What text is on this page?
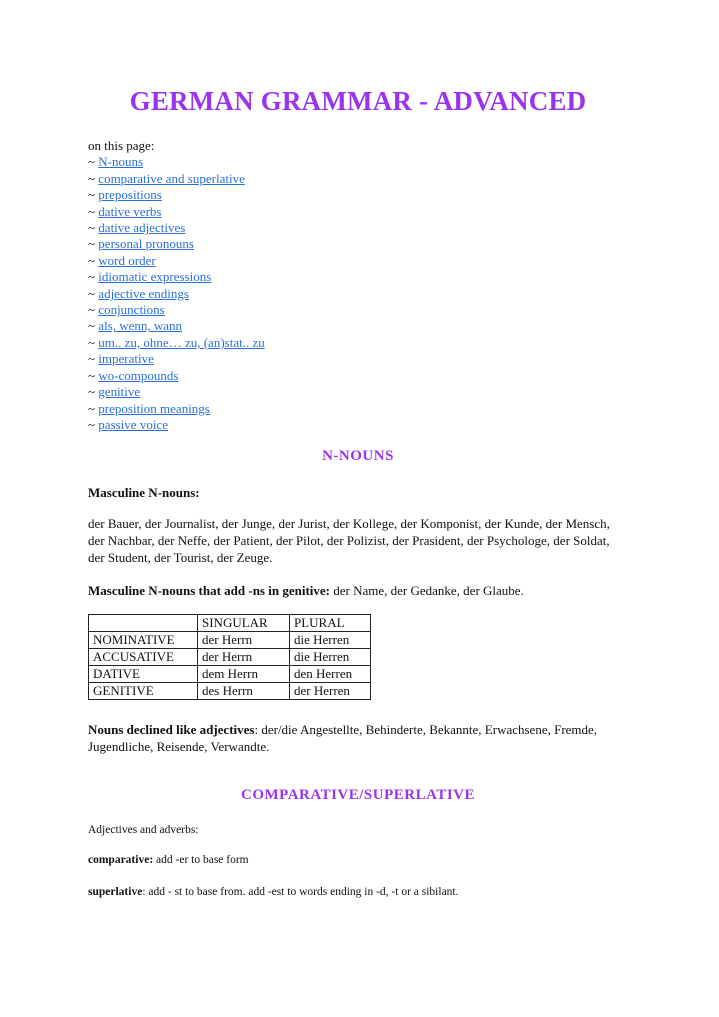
GERMAN GRAMMAR - ADVANCED

on this page:

~ N-nouns
~ comparative and superlative
~ prepositions
~ dative verbs
~ dative adjectives
~ personal pronouns
~ word order
~ idiomatic expressions
~ adjective endings
~ conjunctions
~ als, wenn, wann
~ um.. zu, ohne… zu, (an)stat.. zu
~ imperative
~ wo-compounds
~ genitive
~ preposition meanings
~ passive voice
N-NOUNS

Masculine N-nouns:

der Bauer, der Journalist, der Junge, der Jurist, der Kollege, der Komponist, der Kunde, der Mensch, der Nachbar, der Neffe, der Patient, der Pilot, der Polizist, der Prasident, der Psychologe, der Soldat, der Student, der Tourist, der Zeuge.

Masculine N-nouns that add -ns in genitive: der Name, der Gedanke, der Glaube.

	SINGULAR	PLURAL
NOMINATIVE	der Herrn	die Herren
ACCUSATIVE	der Herrn	die Herren
DATIVE	dem Herrn	den Herren
GENITIVE	des Herrn	der Herren

Nouns declined like adjectives: der/die Angestellte, Behinderte, Bekannte, Erwachsene, Fremde, Jugendliche, Reisende, Verwandte.

COMPARATIVE/SUPERLATIVE

Adjectives and adverbs:

comparative: add -er to base form

superlative: add - st to base from. add -est to words ending in -d, -t or a sibilant.
